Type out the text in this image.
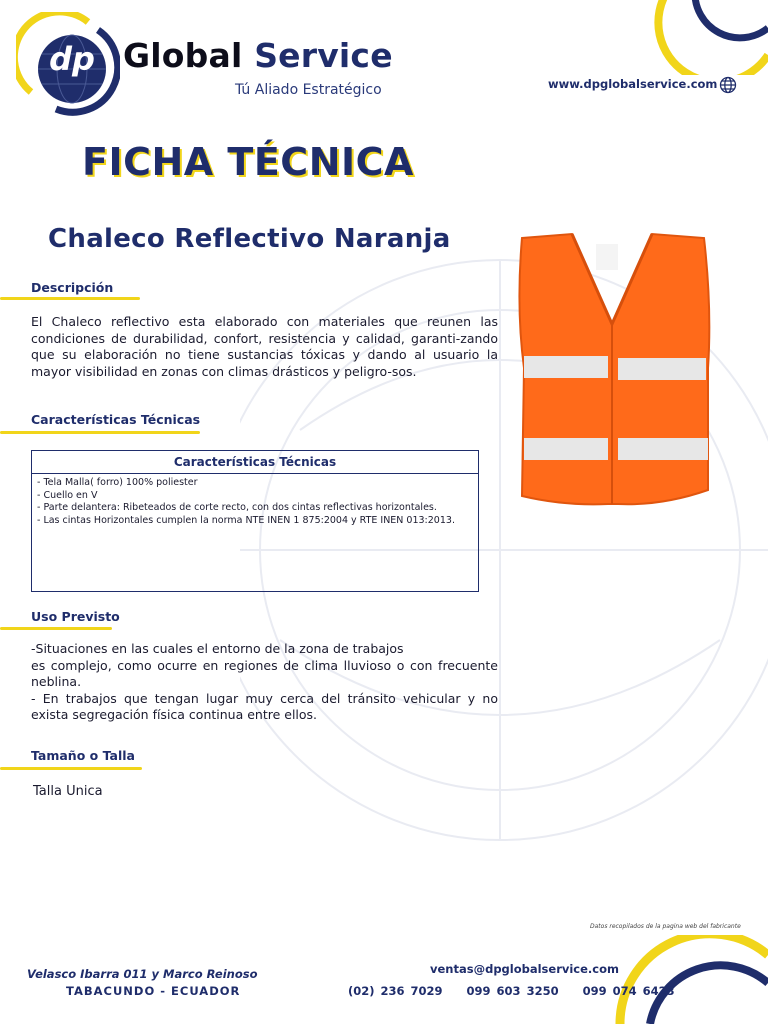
dp Global Service
Tú Aliado Estratégico	www.dpglobalservice.com
FICHA TÉCNICA
Chaleco Reflectivo Naranja
Descripción

El Chaleco reflectivo esta elaborado con materiales que reunen las condiciones de durabilidad, confort, resistencia y calidad, garanti-zando que su elaboración no tiene sustancias tóxicas y dando al usuario la mayor visibilidad en zonas con climas drásticos y peligro-sos.

Características Técnicas
Características Técnicas
- Tela Malla( forro) 100% poliester
- Cuello en V
- Parte delantera: Ribeteados de corte recto, con dos cintas reflectivas horizontales.
- Las cintas Horizontales cumplen la norma NTE INEN 1 875:2004 y RTE INEN 013:2013.
Uso Previsto

-Situaciones en las cuales el entorno de la zona de trabajos

es complejo, como ocurre en regiones de clima lluvioso o con frecuente neblina.

- En trabajos que tengan lugar muy cerca del tránsito vehicular y no exista segregación física continua entre ellos.

Tamaño o Talla
Talla Unica
Datos recopilados de la pagina web del fabricante
Velasco Ibarra 011 y Marco Reinoso
TABACUNDO - ECUADOR
ventas@dpglobalservice.com
(02) 236 7029    099 603 3250    099 074 6423
